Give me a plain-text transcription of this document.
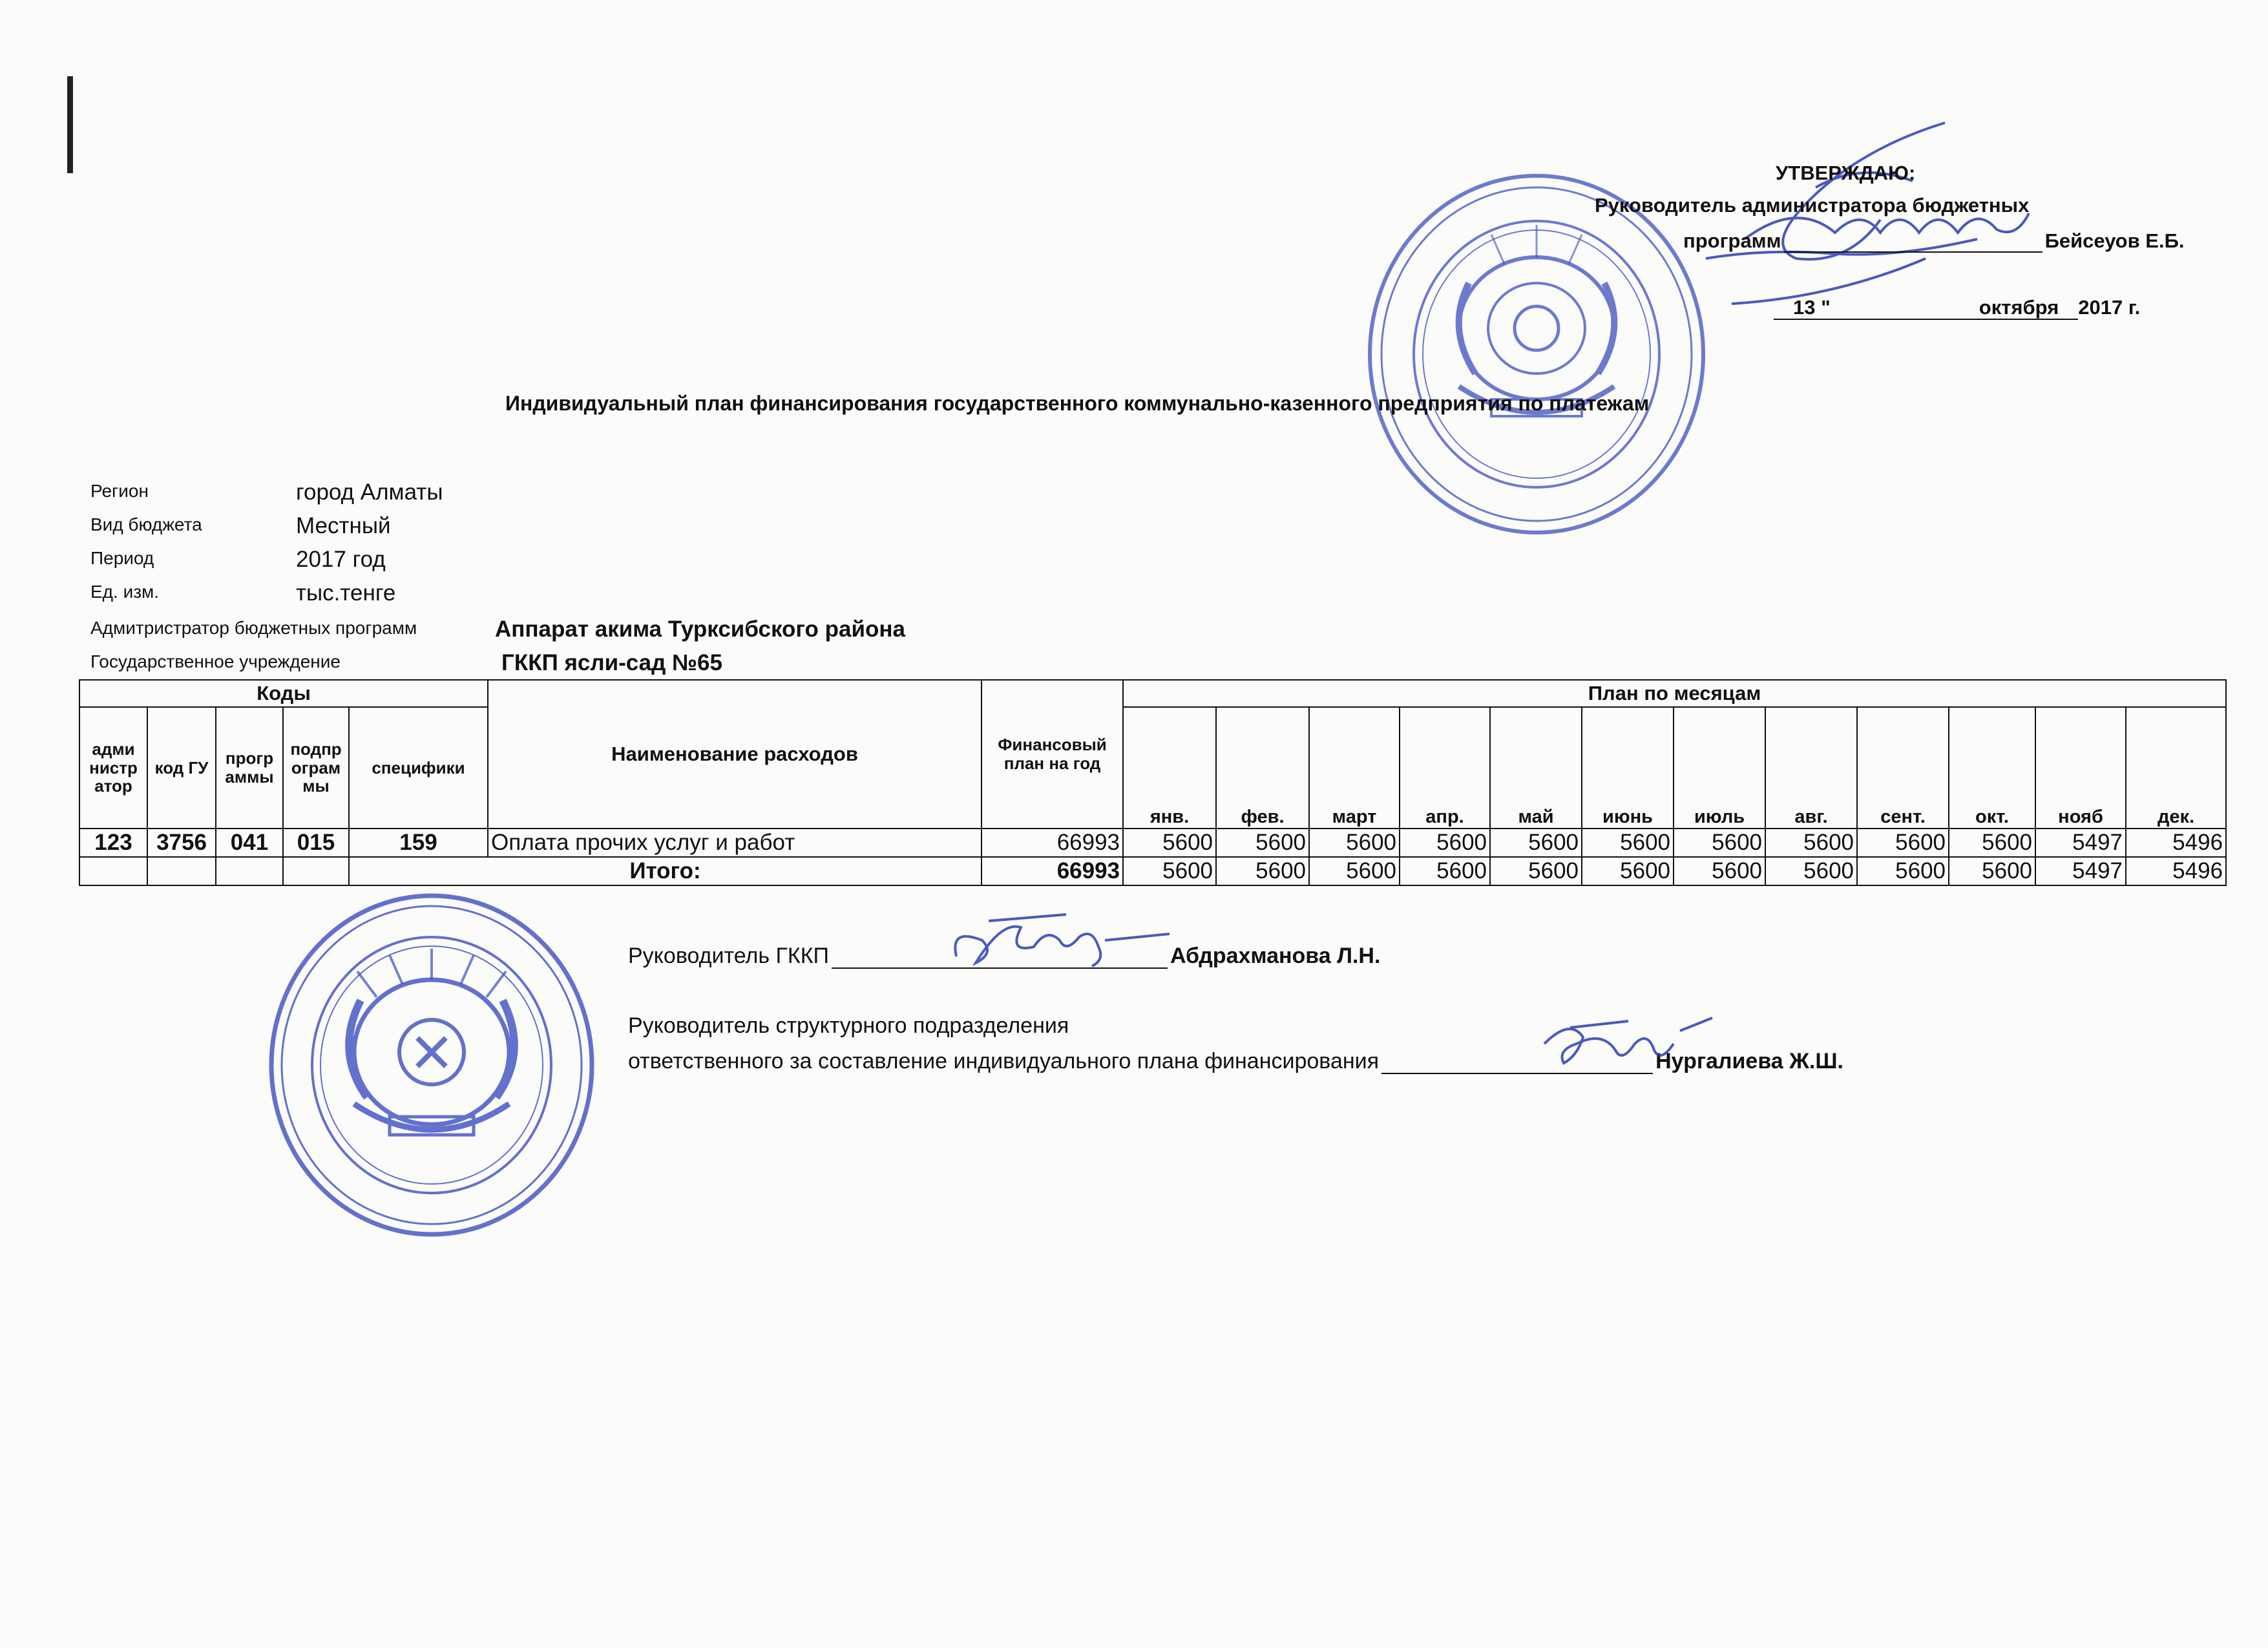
УТВЕРЖДАЮ:
Руководитель администратора бюджетных
программ	Бейсеуов Е.Б.
13 "	октября 2017 г.
Индивидуальный план финансирования государственного коммунально-казенного предприятия по платежам
Регион	город Алматы
Вид бюджета	Местный
Период	2017 год
Ед. изм.	тыс.тенге
Адмитристратор бюджетных программ	Аппарат акима Турксибского района
Государственное учреждение	ГККП ясли-сад №65
Коды					Наименование расходов	Финансовый план на год	План по месяцам											
адми нистр атор	код ГУ	прогр аммы	подпр ограм мы	специфики			янв.	фев.	март	апр.	май	июнь	июль	авг.	сент.	окт.	нояб	дек.

123	3756	041	015	159	Оплата прочих услуг и работ	66993	5600	5600	5600	5600	5600	5600	5600	5600	5600	5600	5497	5496
				Итого:		66993	5600	5600	5600	5600	5600	5600	5600	5600	5600	5600	5497	5496
Руководитель ГККП	Абдрахманова Л.Н.
Руководитель структурного подразделения
ответственного за составление индивидуального плана финансирования	Нургалиева Ж.Ш.
